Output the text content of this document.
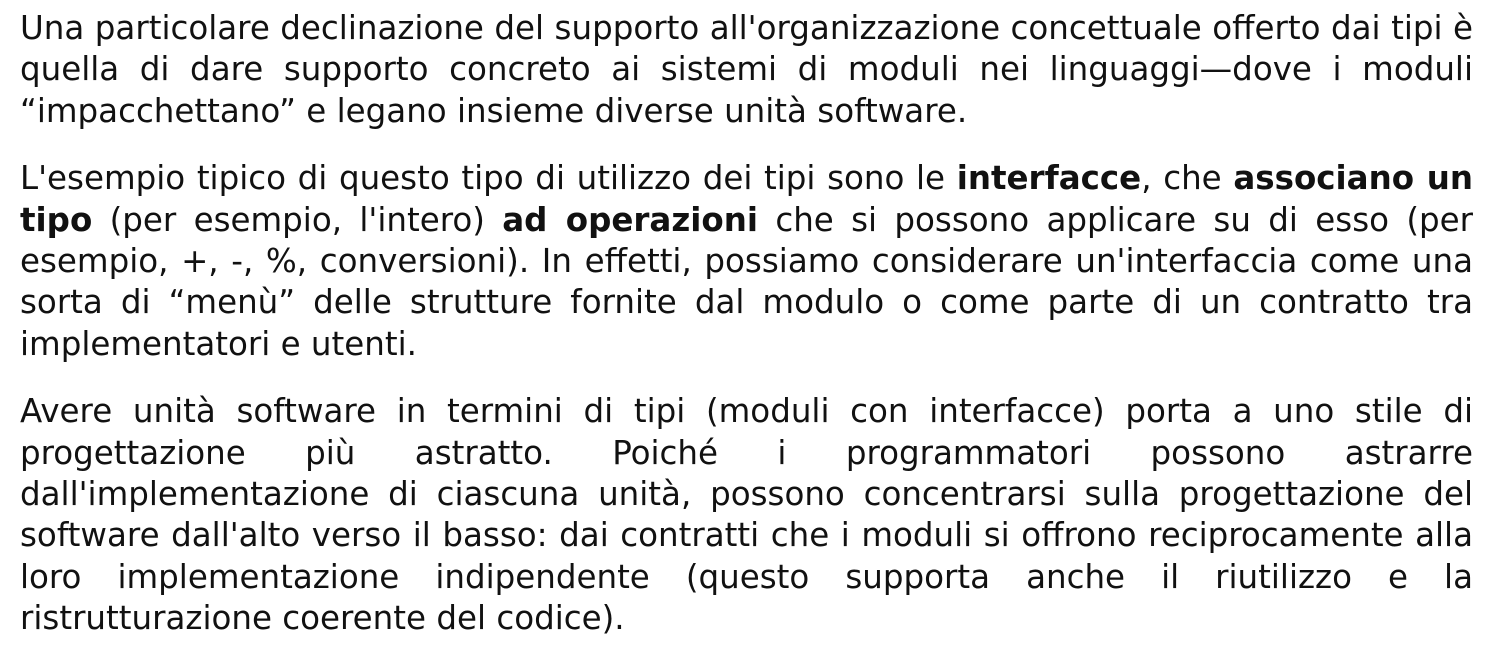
Una particolare declinazione del supporto all'organizzazione concettuale offerto dai tipi è quella di dare supporto concreto ai sistemi di moduli nei linguaggi—dove i moduli “impacchettano” e legano insieme diverse unità software.

L'esempio tipico di questo tipo di utilizzo dei tipi sono le interfacce, che associano un tipo (per esempio, l'intero) ad operazioni che si possono applicare su di esso (per esempio, +, -, %, conversioni). In effetti, possiamo considerare un'interfaccia come una sorta di “menù” delle strutture fornite dal modulo o come parte di un contratto tra implementatori e utenti.

Avere unità software in termini di tipi (moduli con interfacce) porta a uno stile di progettazione più astratto. Poiché i programmatori possono astrarre dall'implementazione di ciascuna unità, possono concentrarsi sulla progettazione del software dall'alto verso il basso: dai contratti che i moduli si offrono reciprocamente alla loro implementazione indipendente (questo supporta anche il riutilizzo e la ristrutturazione coerente del codice).
